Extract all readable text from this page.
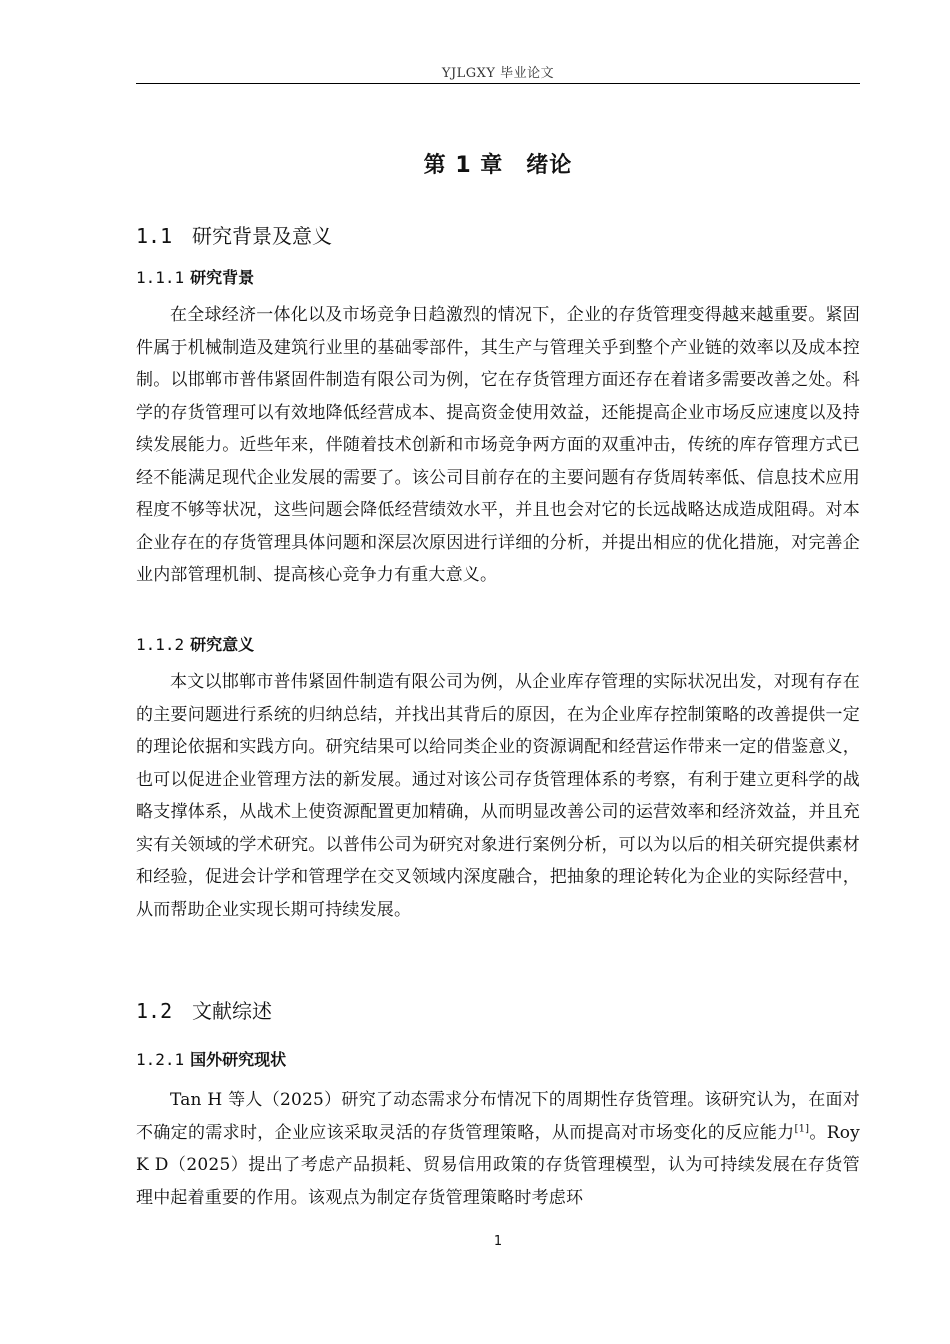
YJLGXY 毕业论文
第 1 章　绪论
1.1 研究背景及意义
1.1.1 研究背景

在全球经济一体化以及市场竞争日趋激烈的情况下，企业的存货管理变得越来越重要。紧固件属于机械制造及建筑行业里的基础零部件，其生产与管理关乎到整个产业链的效率以及成本控制。以邯郸市普伟紧固件制造有限公司为例，它在存货管理方面还存在着诸多需要改善之处。科学的存货管理可以有效地降低经营成本、提高资金使用效益，还能提高企业市场反应速度以及持续发展能力。近些年来，伴随着技术创新和市场竞争两方面的双重冲击，传统的库存管理方式已经不能满足现代企业发展的需要了。该公司目前存在的主要问题有存货周转率低、信息技术应用程度不够等状况，这些问题会降低经营绩效水平，并且也会对它的长远战略达成造成阻碍。对本企业存在的存货管理具体问题和深层次原因进行详细的分析，并提出相应的优化措施，对完善企业内部管理机制、提高核心竞争力有重大意义。

1.1.2 研究意义

本文以邯郸市普伟紧固件制造有限公司为例，从企业库存管理的实际状况出发，对现有存在的主要问题进行系统的归纳总结，并找出其背后的原因，在为企业库存控制策略的改善提供一定的理论依据和实践方向。研究结果可以给同类企业的资源调配和经营运作带来一定的借鉴意义，也可以促进企业管理方法的新发展。通过对该公司存货管理体系的考察，有利于建立更科学的战略支撑体系，从战术上使资源配置更加精确，从而明显改善公司的运营效率和经济效益，并且充实有关领域的学术研究。以普伟公司为研究对象进行案例分析，可以为以后的相关研究提供素材和经验，促进会计学和管理学在交叉领域内深度融合，把抽象的理论转化为企业的实际经营中，从而帮助企业实现长期可持续发展。

1.2 文献综述
1.2.1 国外研究现状

Tan H 等人（2025）研究了动态需求分布情况下的周期性存货管理。该研究认为，在面对不确定的需求时，企业应该采取灵活的存货管理策略，从而提高对市场变化的反应能力[1]。Roy K D（2025）提出了考虑产品损耗、贸易信用政策的存货管理模型，认为可持续发展在存货管理中起着重要的作用。该观点为制定存货管理策略时考虑环

1
